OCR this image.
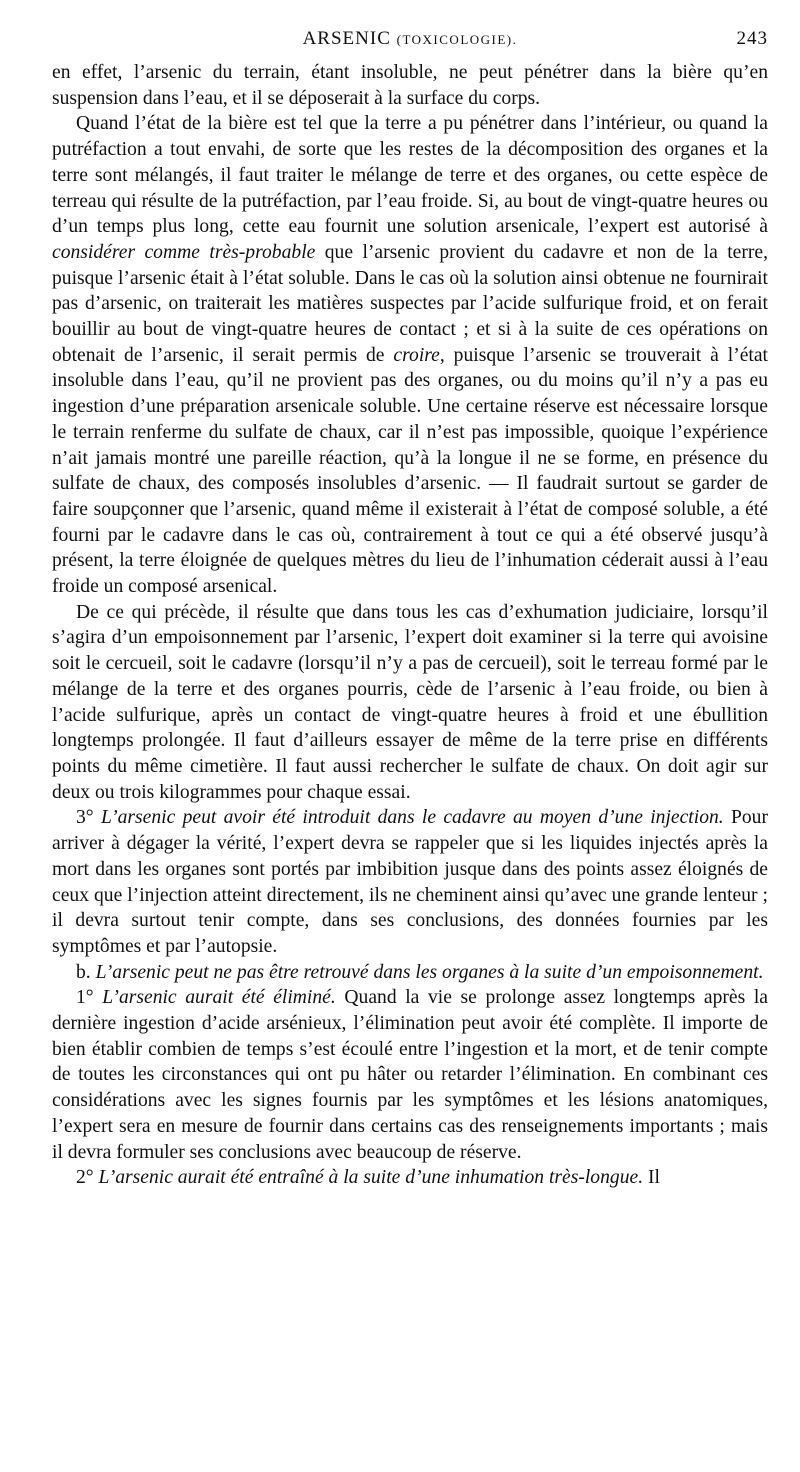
ARSENIC (TOXICOLOGIE).	243

en effet, l’arsenic du terrain, étant insoluble, ne peut pénétrer dans la bière qu’en suspension dans l’eau, et il se déposerait à la surface du corps.

Quand l’état de la bière est tel que la terre a pu pénétrer dans l’intérieur, ou quand la putréfaction a tout envahi, de sorte que les restes de la décomposition des organes et la terre sont mélangés, il faut traiter le mélange de terre et des organes, ou cette espèce de terreau qui résulte de la putréfaction, par l’eau froide. Si, au bout de vingt-quatre heures ou d’un temps plus long, cette eau fournit une solution arsenicale, l’expert est autorisé à considérer comme très-probable que l’arsenic provient du cadavre et non de la terre, puisque l’arsenic était à l’état soluble. Dans le cas où la solution ainsi obtenue ne fournirait pas d’arsenic, on traiterait les matières suspectes par l’acide sulfurique froid, et on ferait bouillir au bout de vingt-quatre heures de contact ; et si à la suite de ces opérations on obtenait de l’arsenic, il serait permis de croire, puisque l’arsenic se trouverait à l’état insoluble dans l’eau, qu’il ne provient pas des organes, ou du moins qu’il n’y a pas eu ingestion d’une préparation arsenicale soluble. Une certaine réserve est nécessaire lorsque le terrain renferme du sulfate de chaux, car il n’est pas impossible, quoique l’expérience n’ait jamais montré une pareille réaction, qu’à la longue il ne se forme, en présence du sulfate de chaux, des composés insolubles d’arsenic. — Il faudrait surtout se garder de faire soupçonner que l’arsenic, quand même il existerait à l’état de composé soluble, a été fourni par le cadavre dans le cas où, contrairement à tout ce qui a été observé jusqu’à présent, la terre éloignée de quelques mètres du lieu de l’inhumation céderait aussi à l’eau froide un composé arsenical.

De ce qui précède, il résulte que dans tous les cas d’exhumation judiciaire, lorsqu’il s’agira d’un empoisonnement par l’arsenic, l’expert doit examiner si la terre qui avoisine soit le cercueil, soit le cadavre (lorsqu’il n’y a pas de cercueil), soit le terreau formé par le mélange de la terre et des organes pourris, cède de l’arsenic à l’eau froide, ou bien à l’acide sulfurique, après un contact de vingt-quatre heures à froid et une ébullition longtemps prolongée. Il faut d’ailleurs essayer de même de la terre prise en différents points du même cimetière. Il faut aussi rechercher le sulfate de chaux. On doit agir sur deux ou trois kilogrammes pour chaque essai.

3° L’arsenic peut avoir été introduit dans le cadavre au moyen d’une injection. Pour arriver à dégager la vérité, l’expert devra se rappeler que si les liquides injectés après la mort dans les organes sont portés par imbibition jusque dans des points assez éloignés de ceux que l’injection atteint directement, ils ne cheminent ainsi qu’avec une grande lenteur ; il devra surtout tenir compte, dans ses conclusions, des données fournies par les symptômes et par l’autopsie.

b. L’arsenic peut ne pas être retrouvé dans les organes à la suite d’un empoisonnement.

1° L’arsenic aurait été éliminé. Quand la vie se prolonge assez longtemps après la dernière ingestion d’acide arsénieux, l’élimination peut avoir été complète. Il importe de bien établir combien de temps s’est écoulé entre l’ingestion et la mort, et de tenir compte de toutes les circonstances qui ont pu hâter ou retarder l’élimination. En combinant ces considérations avec les signes fournis par les symptômes et les lésions anatomiques, l’expert sera en mesure de fournir dans certains cas des renseignements importants ; mais il devra formuler ses conclusions avec beaucoup de réserve.

2° L’arsenic aurait été entraîné à la suite d’une inhumation très-longue. Il
